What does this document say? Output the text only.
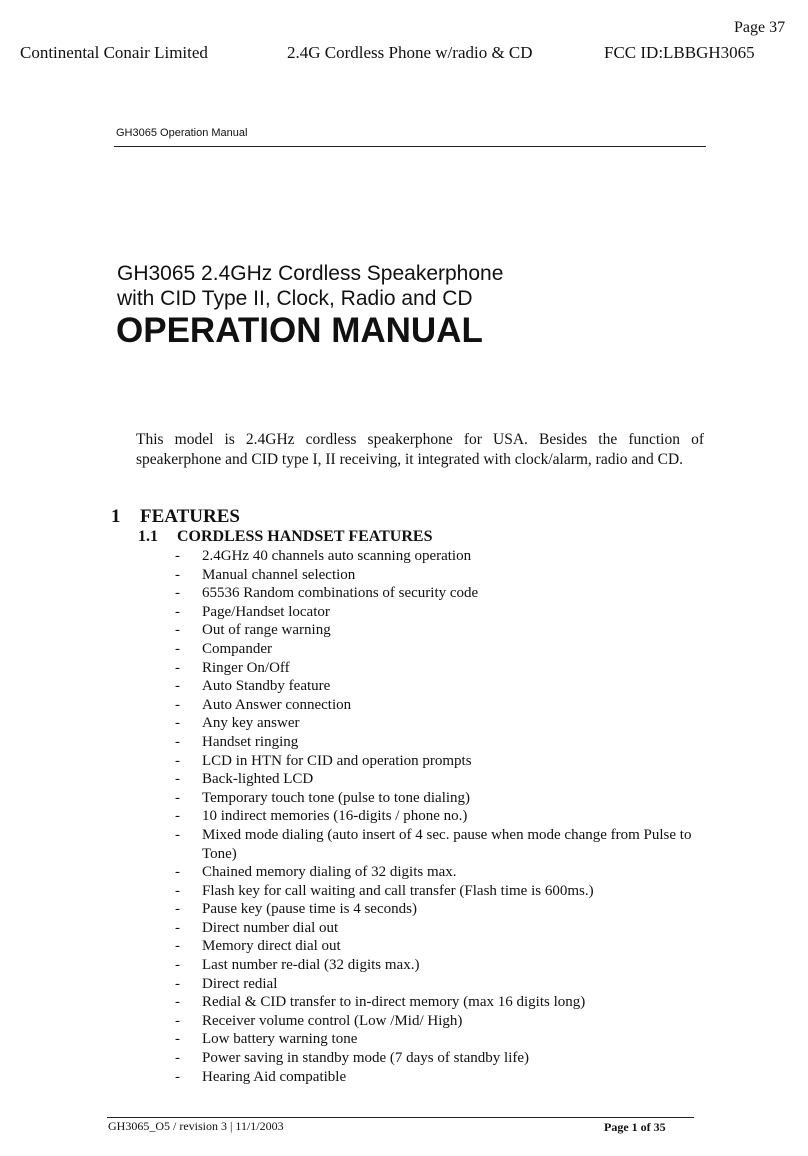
Page 37
Continental Conair Limited	2.4G Cordless Phone w/radio & CD	FCC ID:LBBGH3065
GH3065 Operation Manual
GH3065 2.4GHz Cordless Speakerphone
with CID Type II, Clock, Radio and CD
OPERATION MANUAL
This model is 2.4GHz cordless speakerphone for USA. Besides the function of speakerphone and CID type I, II receiving, it integrated with clock/alarm, radio and CD.
1 FEATURES
1.1 CORDLESS HANDSET FEATURES
- 2.4GHz 40 channels auto scanning operation
- Manual channel selection
- 65536 Random combinations of security code
- Page/Handset locator
- Out of range warning
- Compander
- Ringer On/Off
- Auto Standby feature
- Auto Answer connection
- Any key answer
- Handset ringing
- LCD in HTN for CID and operation prompts
- Back-lighted LCD
- Temporary touch tone (pulse to tone dialing)
- 10 indirect memories (16-digits / phone no.)
- Mixed mode dialing (auto insert of 4 sec. pause when mode change from Pulse to Tone)
- Chained memory dialing of 32 digits max.
- Flash key for call waiting and call transfer (Flash time is 600ms.)
- Pause key (pause time is 4 seconds)
- Direct number dial out
- Memory direct dial out
- Last number re-dial (32 digits max.)
- Direct redial
- Redial & CID transfer to in-direct memory (max 16 digits long)
- Receiver volume control (Low /Mid/ High)
- Low battery warning tone
- Power saving in standby mode (7 days of standby life)
- Hearing Aid compatible
GH3065_O5 / revision 3 | 11/1/2003	Page 1 of 35
